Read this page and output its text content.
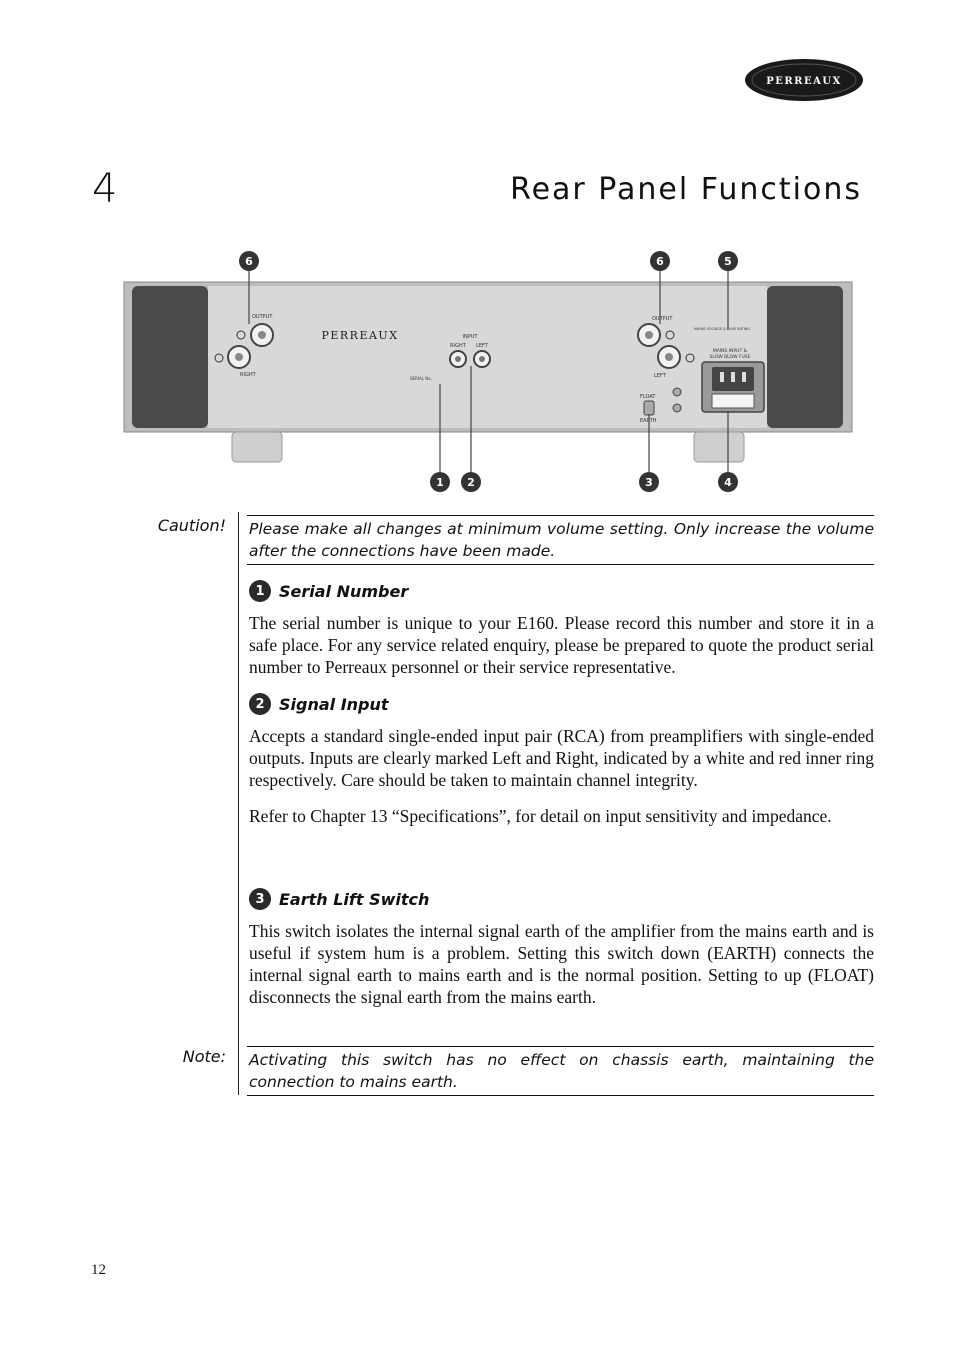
PERREAUX
4	Rear Panel Functions
OUTPUT
RIGHT
PERREAUX	INPUT
RIGHT LEFT
SERIAL No.
OUTPUT
LEFT
MAINS VOLTAGE & FUSE RATING
MAINS INPUT &
SLOW BLOW FUSE
FLOAT
EARTH
6	6	5
1 2	3	4
Caution! Please make all changes at minimum volume setting. Only increase the volume after the connections have been made.
1 Serial Number

The serial number is unique to your E160. Please record this number and store it in a safe place. For any service related enquiry, please be prepared to quote the product serial number to Perreaux personnel or their service representative.

2 Signal Input

Accepts a standard single-ended input pair (RCA) from preamplifiers with single-ended outputs. Inputs are clearly marked Left and Right, indicated by a white and red inner ring respectively. Care should be taken to maintain channel integrity.

Refer to Chapter 13 “Specifications”, for detail on input sensitivity and impedance.

3 Earth Lift Switch

This switch isolates the internal signal earth of the amplifier from the mains earth and is useful if system hum is a problem. Setting this switch down (EARTH) connects the internal signal earth to mains earth and is the normal position. Setting to up (FLOAT) disconnects the signal earth from the mains earth.

Note: Activating this switch has no effect on chassis earth, maintaining the connection to mains earth.
12
